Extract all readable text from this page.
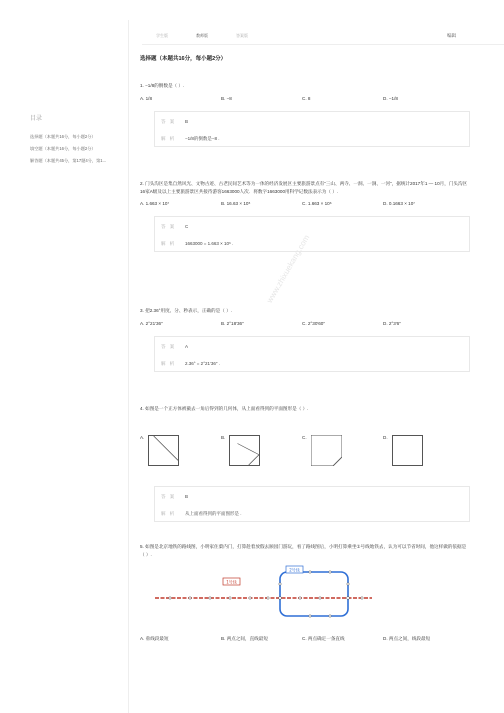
学生版	教师版	答案版	编辑
目录
选择题（本题共16分，每小题2分）
填空题（本题共16分，每小题2分）
解答题（本题共45分，第17题4分，第1...
www.zhixuekang.com
选择题（本题共16分，每小题2分）
1. −1/8的倒数是（ ）.
A. 1/8	B. −8	C. 8	D. −1/8
答 案	B
解 析	−1/8的倒数是−8 .
2. 门头沟区是集自然风光、文物古迹、古老民间艺术等为一体的经济发展区主要旅游景点有“三山、两寺、一洞、一涧、一河”，据统计2017年1 — 10月，门头沟区16家A级及以上主要旅游景区共接待游客1663000人次．将数字1663000用科学记数法表示为（ ）.
A. 1.663 × 10⁷	B. 16.63 × 10⁵	C. 1.663 × 10⁶	D. 0.1663 × 10⁷
答 案	C
解 析	1663000 = 1.663 × 10⁶ .
3. 把2.36°用度、分、秒表示，正确的是（ ）.
A. 2°21′36″	B. 2°18′36″	C. 2°30′60″	D. 2°3′6″
答 案	A
解 析	2.36° = 2°21′36″ .
4. 如图是一个正方体被截去一角后得到的几何体，从上面看得到的平面图形是（ ）.
A.	B.	C.	D.
答 案	B
解 析	从上面看得到的平面图形是 .
5. 如图是北京地铁的路线图，小明家住菓内门，打算趁着放假去颐园门游玩，看了路线图后，小明打算乘坐①号线地铁去，认为可以节省时间，他这样做的依据是（ ）.
1号线
2号线
A. 垂线段最短	B. 两点之间，直线最短	C. 两点确定一条直线	D. 两点之间，线段最短
